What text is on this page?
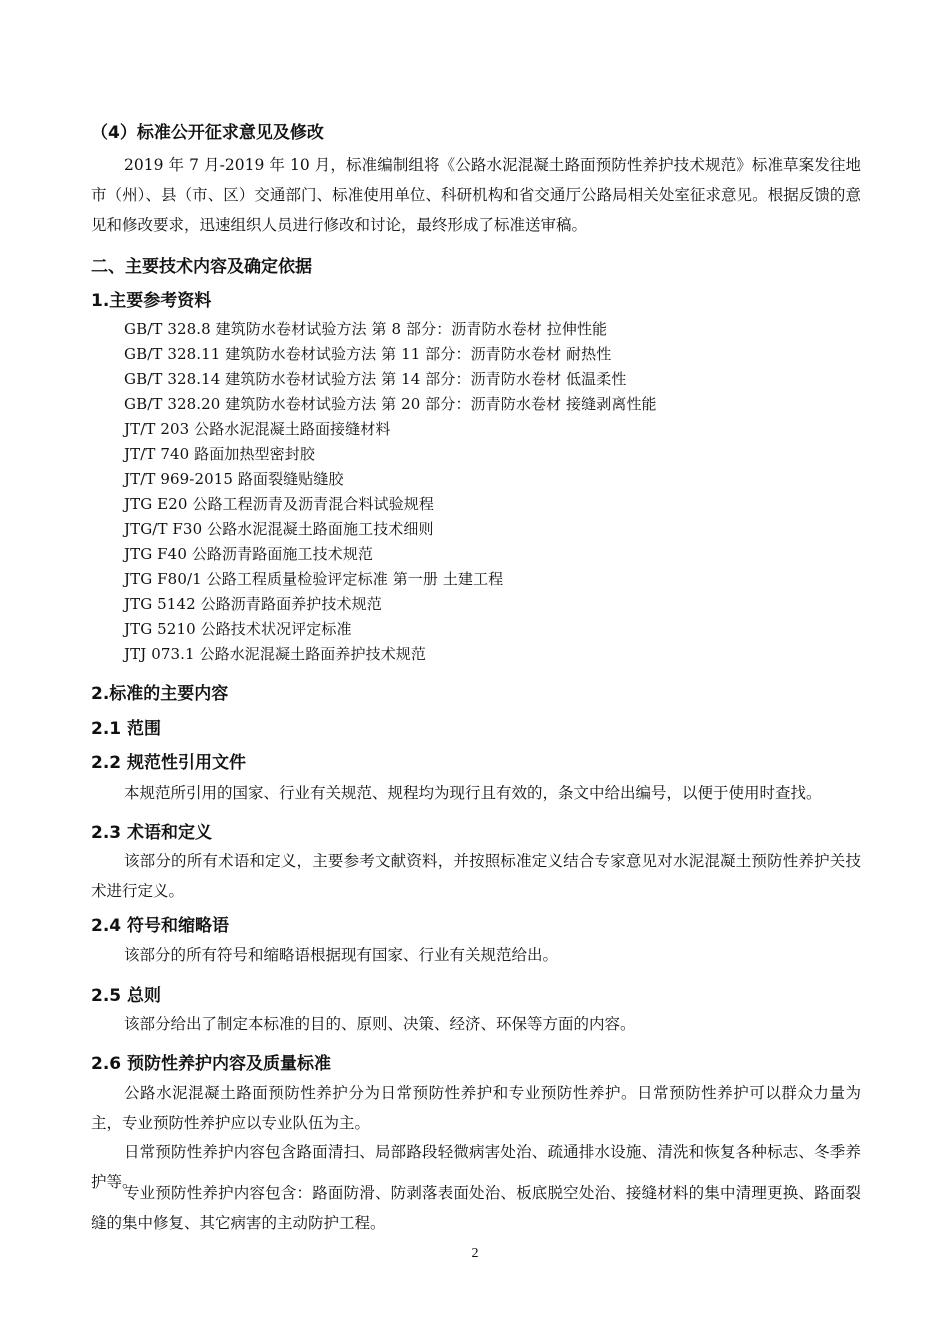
（4）标准公开征求意见及修改
2019 年 7 月-2019 年 10 月，标准编制组将《公路水泥混凝土路面预防性养护技术规范》标准草案发往地市（州）、县（市、区）交通部门、标准使用单位、科研机构和省交通厅公路局相关处室征求意见。根据反馈的意见和修改要求，迅速组织人员进行修改和讨论，最终形成了标准送审稿。
二、主要技术内容及确定依据
1.主要参考资料
GB/T 328.8 建筑防水卷材试验方法 第 8 部分：沥青防水卷材 拉伸性能
GB/T 328.11 建筑防水卷材试验方法 第 11 部分：沥青防水卷材 耐热性
GB/T 328.14 建筑防水卷材试验方法 第 14 部分：沥青防水卷材 低温柔性
GB/T 328.20 建筑防水卷材试验方法 第 20 部分：沥青防水卷材 接缝剥离性能
JT/T 203 公路水泥混凝土路面接缝材料
JT/T 740 路面加热型密封胶
JT/T 969-2015 路面裂缝贴缝胶
JTG E20 公路工程沥青及沥青混合料试验规程
JTG/T F30 公路水泥混凝土路面施工技术细则
JTG F40 公路沥青路面施工技术规范
JTG F80/1 公路工程质量检验评定标准 第一册 土建工程
JTG 5142 公路沥青路面养护技术规范
JTG 5210 公路技术状况评定标准
JTJ 073.1 公路水泥混凝土路面养护技术规范
2.标准的主要内容
2.1 范围
2.2 规范性引用文件
本规范所引用的国家、行业有关规范、规程均为现行且有效的，条文中给出编号，以便于使用时查找。
2.3 术语和定义
该部分的所有术语和定义，主要参考文献资料，并按照标准定义结合专家意见对水泥混凝土预防性养护关技术进行定义。
2.4 符号和缩略语
该部分的所有符号和缩略语根据现有国家、行业有关规范给出。
2.5 总则
该部分给出了制定本标准的目的、原则、决策、经济、环保等方面的内容。
2.6 预防性养护内容及质量标准
公路水泥混凝土路面预防性养护分为日常预防性养护和专业预防性养护。日常预防性养护可以群众力量为主，专业预防性养护应以专业队伍为主。
日常预防性养护内容包含路面清扫、局部路段轻微病害处治、疏通排水设施、清洗和恢复各种标志、冬季养护等。
专业预防性养护内容包含：路面防滑、防剥落表面处治、板底脱空处治、接缝材料的集中清理更换、路面裂缝的集中修复、其它病害的主动防护工程。
2
